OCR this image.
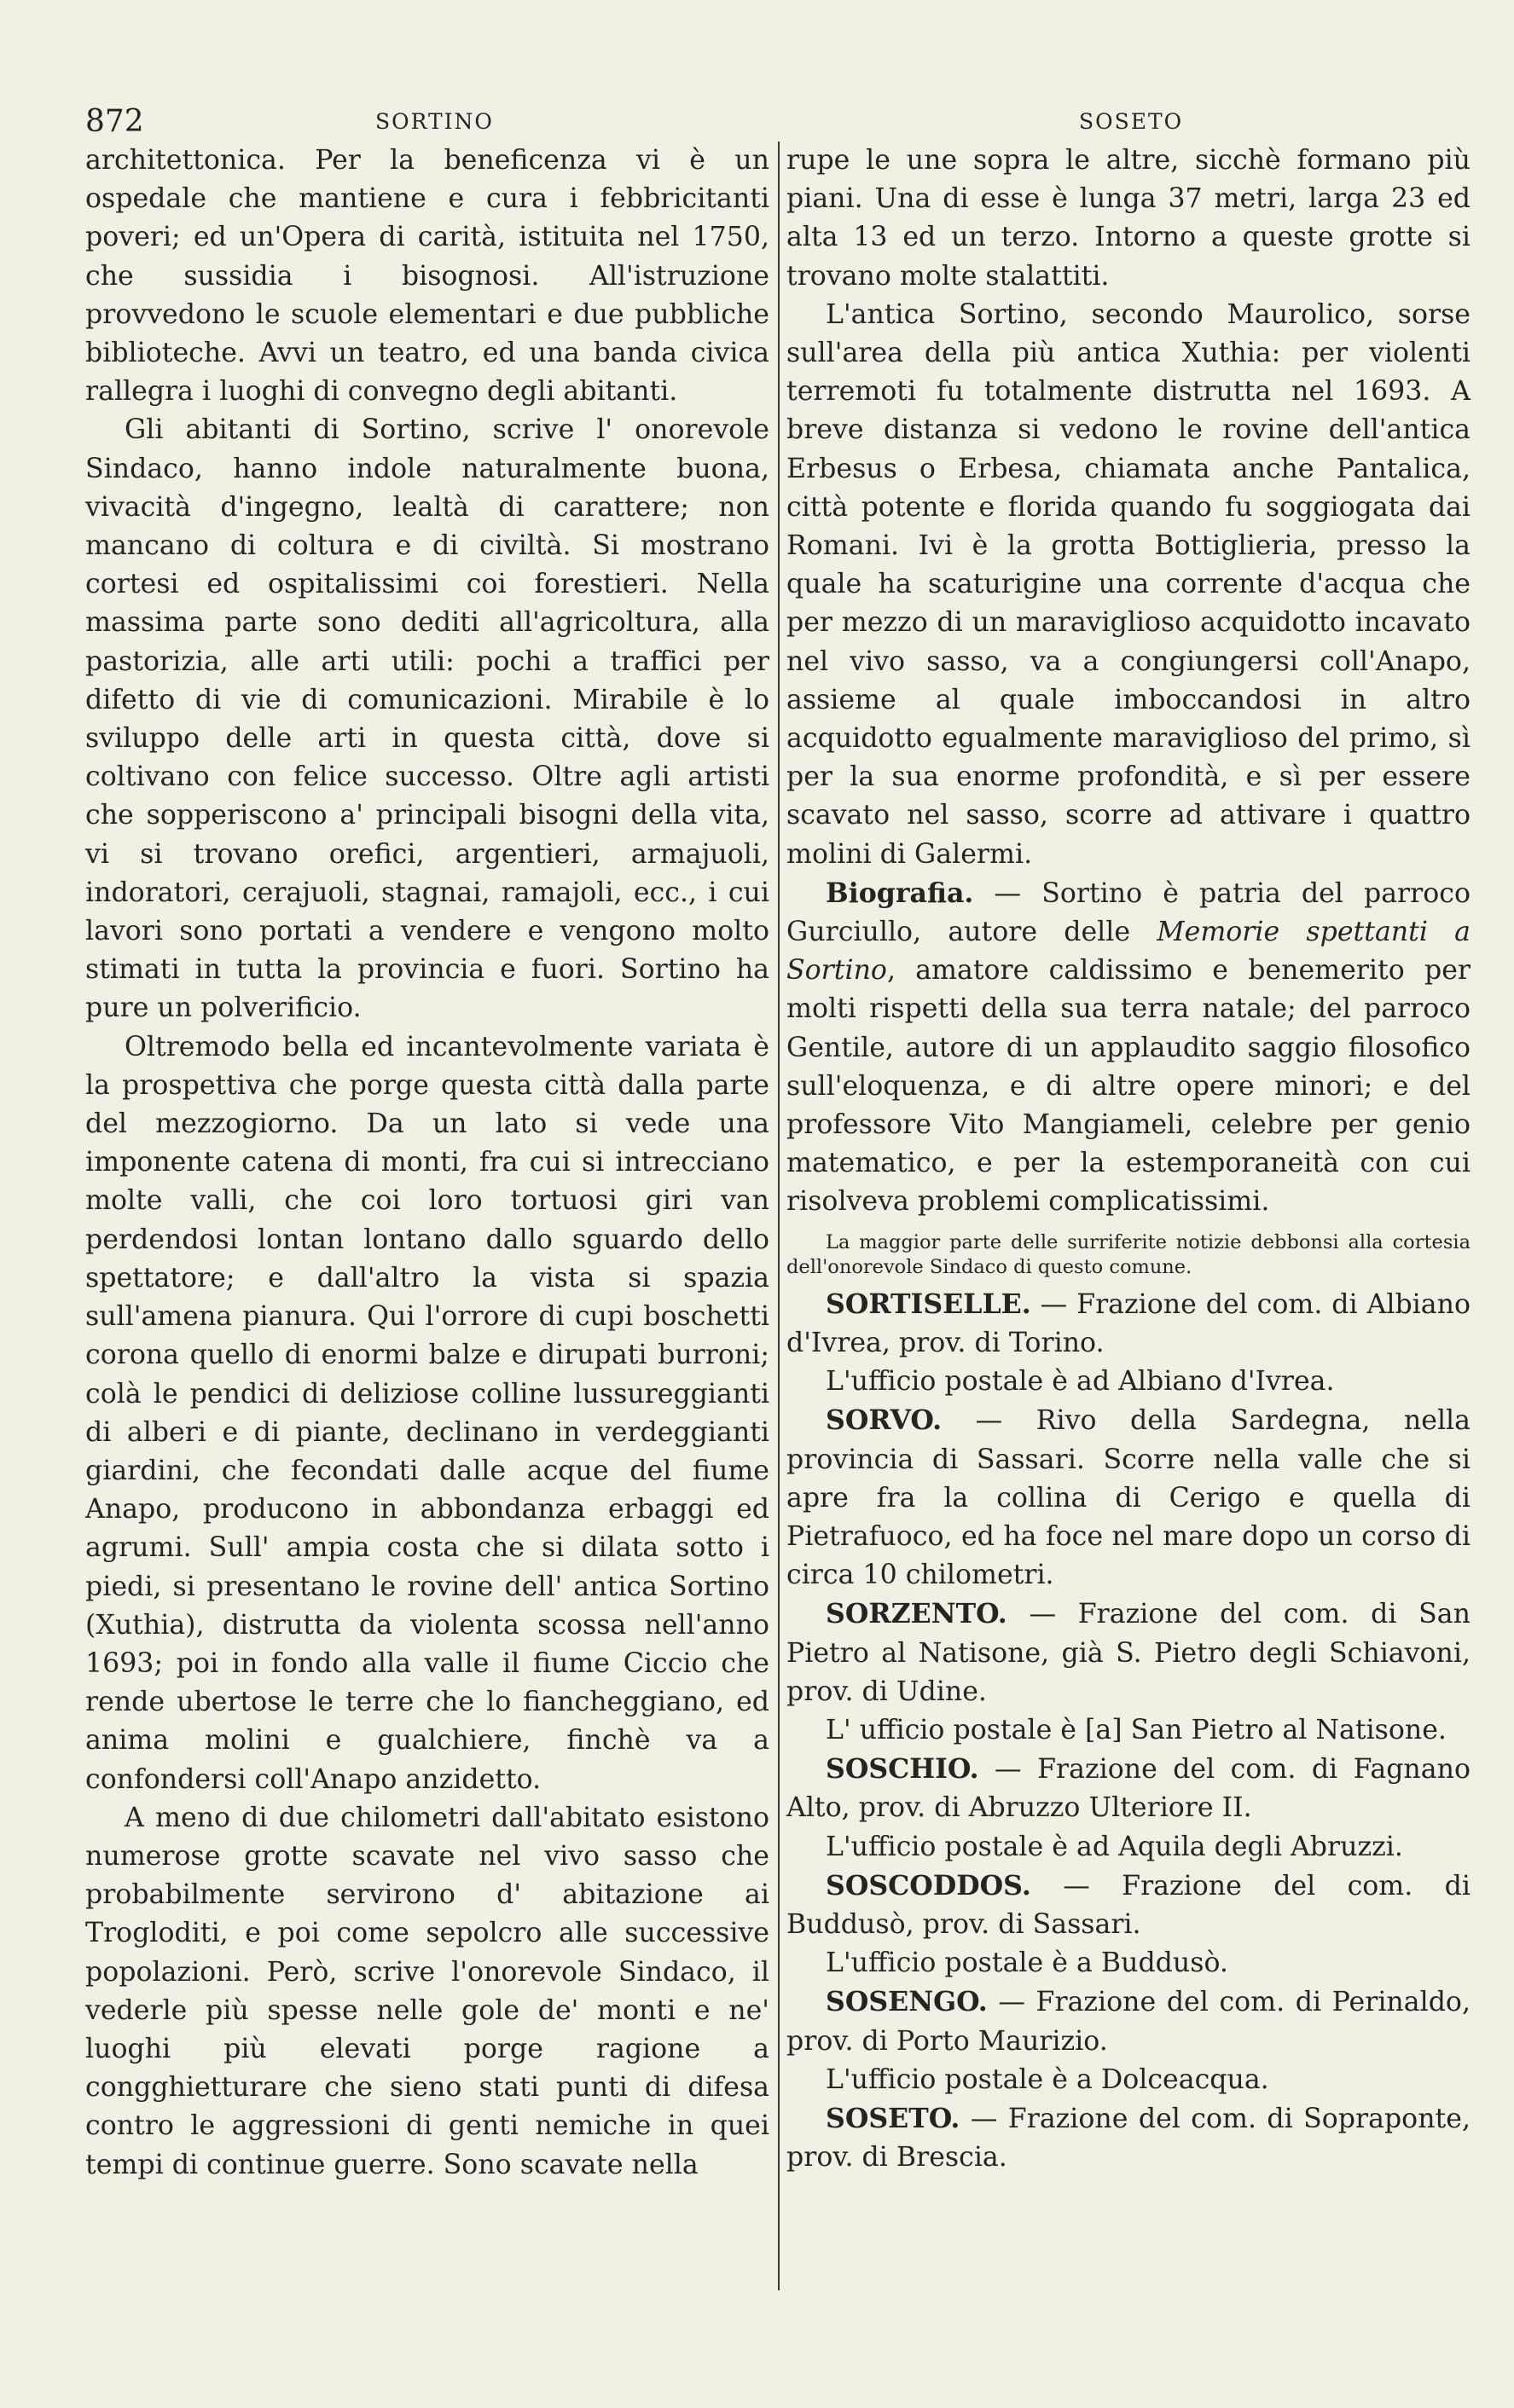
872	SORTINO	SOSETO

architettonica. Per la beneficenza vi è un ospedale che mantiene e cura i febbricitanti poveri; ed un'Opera di carità, istituita nel 1750, che sussidia i bisognosi. All'istruzione provvedono le scuole elementari e due pubbliche biblioteche. Avvi un teatro, ed una banda civica rallegra i luoghi di convegno degli abitanti.

Gli abitanti di Sortino, scrive l' onorevole Sindaco, hanno indole naturalmente buona, vivacità d'ingegno, lealtà di carattere; non mancano di coltura e di civiltà. Si mostrano cortesi ed ospitalissimi coi forestieri. Nella massima parte sono dediti all'agricoltura, alla pastorizia, alle arti utili: pochi a traffici per difetto di vie di comunicazioni. Mirabile è lo sviluppo delle arti in questa città, dove si coltivano con felice successo. Oltre agli artisti che sopperiscono a' principali bisogni della vita, vi si trovano orefici, argentieri, armajuoli, indoratori, cerajuoli, stagnai, ramajoli, ecc., i cui lavori sono portati a vendere e vengono molto stimati in tutta la provincia e fuori. Sortino ha pure un polverificio.

Oltremodo bella ed incantevolmente variata è la prospettiva che porge questa città dalla parte del mezzogiorno. Da un lato si vede una imponente catena di monti, fra cui si intrecciano molte valli, che coi loro tortuosi giri van perdendosi lontan lontano dallo sguardo dello spettatore; e dall'altro la vista si spazia sull'amena pianura. Qui l'orrore di cupi boschetti corona quello di enormi balze e dirupati burroni; colà le pendici di deliziose colline lussureggianti di alberi e di piante, declinano in verdeggianti giardini, che fecondati dalle acque del fiume Anapo, producono in abbondanza erbaggi ed agrumi. Sull' ampia costa che si dilata sotto i piedi, si presentano le rovine dell' antica Sortino (Xuthia), distrutta da violenta scossa nell'anno 1693; poi in fondo alla valle il fiume Ciccio che rende ubertose le terre che lo fiancheggiano, ed anima molini e gualchiere, finchè va a confondersi coll'Anapo anzidetto.

A meno di due chilometri dall'abitato esistono numerose grotte scavate nel vivo sasso che probabilmente servirono d' abitazione ai Trogloditi, e poi come sepolcro alle successive popolazioni. Però, scrive l'onorevole Sindaco, il vederle più spesse nelle gole de' monti e ne' luoghi più elevati porge ragione a congghietturare che sieno stati punti di difesa contro le aggressioni di genti nemiche in quei tempi di continue guerre. Sono scavate nella

rupe le une sopra le altre, sicchè formano più piani. Una di esse è lunga 37 metri, larga 23 ed alta 13 ed un terzo. Intorno a queste grotte si trovano molte stalattiti.

L'antica Sortino, secondo Maurolico, sorse sull'area della più antica Xuthia: per violenti terremoti fu totalmente distrutta nel 1693. A breve distanza si vedono le rovine dell'antica Erbesus o Erbesa, chiamata anche Pantalica, città potente e florida quando fu soggiogata dai Romani. Ivi è la grotta Bottiglieria, presso la quale ha scaturigine una corrente d'acqua che per mezzo di un maraviglioso acquidotto incavato nel vivo sasso, va a congiungersi coll'Anapo, assieme al quale imboccandosi in altro acquidotto egualmente maraviglioso del primo, sì per la sua enorme profondità, e sì per essere scavato nel sasso, scorre ad attivare i quattro molini di Galermi.

Biografia. — Sortino è patria del parroco Gurciullo, autore delle Memorie spettanti a Sortino, amatore caldissimo e benemerito per molti rispetti della sua terra natale; del parroco Gentile, autore di un applaudito saggio filosofico sull'eloquenza, e di altre opere minori; e del professore Vito Mangiameli, celebre per genio matematico, e per la estemporaneità con cui risolveva problemi complicatissimi.

La maggior parte delle surriferite notizie debbonsi alla cortesia dell'onorevole Sindaco di questo comune.

SORTISELLE. — Frazione del com. di Albiano d'Ivrea, prov. di Torino.

L'ufficio postale è ad Albiano d'Ivrea.

SORVO. — Rivo della Sardegna, nella provincia di Sassari. Scorre nella valle che si apre fra la collina di Cerigo e quella di Pietrafuoco, ed ha foce nel mare dopo un corso di circa 10 chilometri.

SORZENTO. — Frazione del com. di San Pietro al Natisone, già S. Pietro degli Schiavoni, prov. di Udine.

L' ufficio postale è [a] San Pietro al Natisone.

SOSCHIO. — Frazione del com. di Fagnano Alto, prov. di Abruzzo Ulteriore II.

L'ufficio postale è ad Aquila degli Abruzzi.

SOSCODDOS. — Frazione del com. di Buddusò, prov. di Sassari.

L'ufficio postale è a Buddusò.

SOSENGO. — Frazione del com. di Perinaldo, prov. di Porto Maurizio.

L'ufficio postale è a Dolceacqua.

SOSETO. — Frazione del com. di Sopraponte, prov. di Brescia.
